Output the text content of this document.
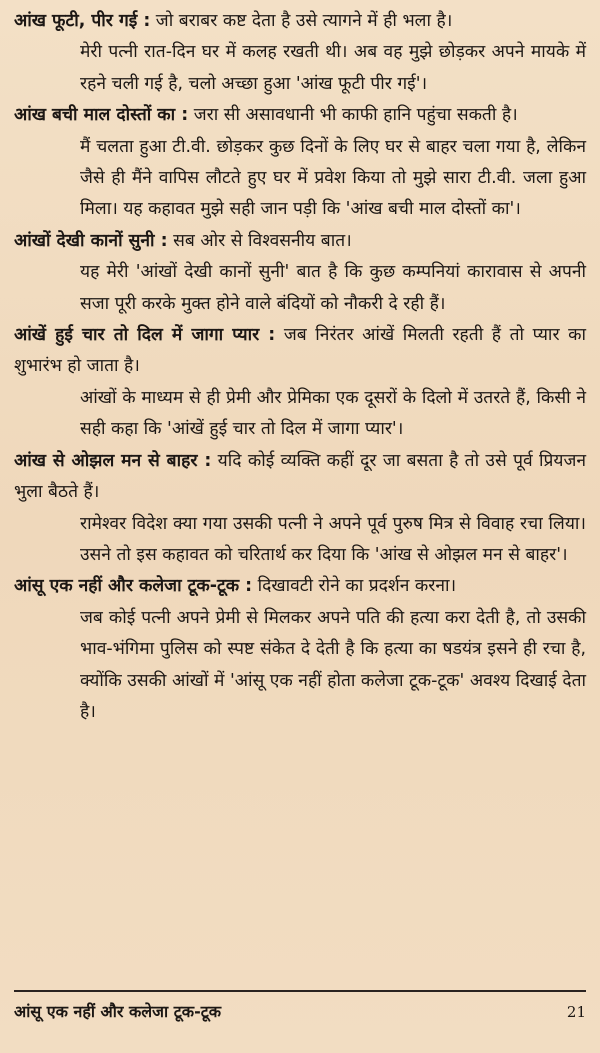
आंख फूटी, पीर गई : जो बराबर कष्ट देता है उसे त्यागने में ही भला है।

मेरी पत्नी रात-दिन घर में कलह रखती थी। अब वह मुझे छोड़कर अपने मायके में रहने चली गई है, चलो अच्छा हुआ 'आंख फूटी पीर गई'।

आंख बची माल दोस्तों का : जरा सी असावधानी भी काफी हानि पहुंचा सकती है।

मैं चलता हुआ टी.वी. छोड़कर कुछ दिनों के लिए घर से बाहर चला गया है, लेकिन जैसे ही मैंने वापिस लौटते हुए घर में प्रवेश किया तो मुझे सारा टी.वी. जला हुआ मिला। यह कहावत मुझे सही जान पड़ी कि 'आंख बची माल दोस्तों का'।

आंखों देखी कानों सुनी : सब ओर से विश्वसनीय बात।

यह मेरी 'आंखों देखी कानों सुनी' बात है कि कुछ कम्पनियां कारावास से अपनी सजा पूरी करके मुक्त होने वाले बंदियों को नौकरी दे रही हैं।

आंखें हुई चार तो दिल में जागा प्यार : जब निरंतर आंखें मिलती रहती हैं तो प्यार का शुभारंभ हो जाता है।

आंखों के माध्यम से ही प्रेमी और प्रेमिका एक दूसरों के दिलो में उतरते हैं, किसी ने सही कहा कि 'आंखें हुई चार तो दिल में जागा प्यार'।

आंख से ओझल मन से बाहर : यदि कोई व्यक्ति कहीं दूर जा बसता है तो उसे पूर्व प्रियजन भुला बैठते हैं।

रामेश्वर विदेश क्या गया उसकी पत्नी ने अपने पूर्व पुरुष मित्र से विवाह रचा लिया। उसने तो इस कहावत को चरितार्थ कर दिया कि 'आंख से ओझल मन से बाहर'।

आंसू एक नहीं और कलेजा टूक-टूक : दिखावटी रोने का प्रदर्शन करना।

जब कोई पत्नी अपने प्रेमी से मिलकर अपने पति की हत्या करा देती है, तो उसकी भाव-भंगिमा पुलिस को स्पष्ट संकेत दे देती है कि हत्या का षडयंत्र इसने ही रचा है, क्योंकि उसकी आंखों में 'आंसू एक नहीं होता कलेजा टूक-टूक' अवश्य दिखाई देता है।

आंसू एक नहीं और कलेजा टूक-टूक	21
